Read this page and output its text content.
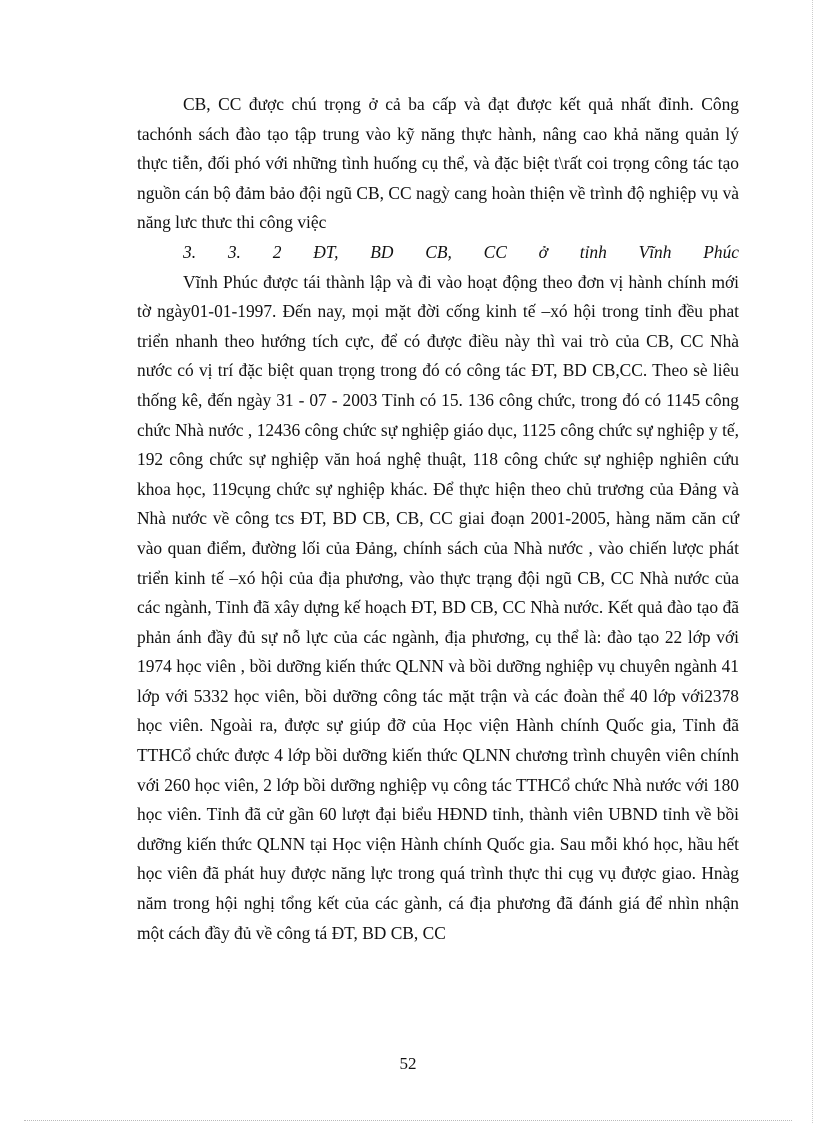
CB, CC được chú trọng ở cả ba cấp và đạt được kết quả nhất đỉnh. Công tachónh sách đào tạo tập trung vào kỹ năng thực hành, nâng cao khả năng quản lý thực tiễn, đối phó với những tình huống cụ thể, và đặc biệt t\rất coi trọng công tác tạo nguồn cán bộ đảm bảo đội ngũ CB, CC nagỳ cang hoàn thiện về trình độ nghiệp vụ và năng lưc thưc thi công việc

3. 3. 2 ĐT, BD CB, CC ở tỉnh Vĩnh Phúc

Vĩnh Phúc được tái thành lập và đi vào hoạt động theo đơn vị hành chính mới tờ ngày01-01-1997. Đến nay, mọi mặt đời cống kinh tế –xó hội trong tỉnh đều phat triển nhanh theo hướng tích cực, để có được điều này thì vai trò của CB, CC Nhà nước có vị trí đặc biệt quan trọng trong đó có công tác ĐT, BD CB,CC. Theo sè liêu thống kê, đến ngày 31 - 07 - 2003 Tỉnh có 15. 136 công chức, trong đó có 1145 công chức Nhà nước , 12436 công chức sự nghiệp giáo dục, 1125 công chức sự nghiệp y tế, 192 công chức sự nghiệp văn hoá nghệ thuật, 118 công chức sự nghiệp nghiên cứu khoa học, 119cụng chức sự nghiệp khác. Để thực hiện theo chủ trương của Đảng và Nhà nước về công tcs ĐT, BD CB, CB, CC giai đoạn 2001-2005, hàng năm căn cứ vào quan điểm, đường lối của Đảng, chính sách của Nhà nước , vào chiến lược phát triển kinh tế –xó hội của địa phương, vào thực trạng đội ngũ CB, CC Nhà nước của các ngành, Tỉnh đã xây dựng kế hoạch ĐT, BD CB, CC Nhà nước. Kết quả đào tạo đã phản ánh đầy đủ sự nỗ lực của các ngành, địa phương, cụ thể là: đào tạo 22 lớp với 1974 học viên , bồi dưỡng kiến thức QLNN và bồi dưỡng nghiệp vụ chuyên ngành 41 lớp với 5332 học viên, bồi dưỡng công tác mặt trận và các đoàn thể 40 lớp với2378 học viên. Ngoài ra, được sự giúp đỡ của Học viện Hành chính Quốc gia, Tỉnh đã TTHCổ chức được 4 lớp bồi dưỡng kiến thức QLNN chương trình chuyên viên chính với 260 học viên, 2 lớp bồi dưỡng nghiệp vụ công tác TTHCổ chức Nhà nước với 180 học viên. Tỉnh đã cử gần 60 lượt đại biểu HĐND tỉnh, thành viên UBND tỉnh về bồi dưỡng kiến thức QLNN tại Học viện Hành chính Quốc gia. Sau mỗi khó học, hầu hết học viên đã phát huy được năng lực trong quá trình thực thi cụg vụ được giao. Hnàg năm trong hội nghị tổng kết của các gành, cá địa phương đã đánh giá để nhìn nhận một cách đầy đủ về công tá ĐT, BD CB, CC

52
